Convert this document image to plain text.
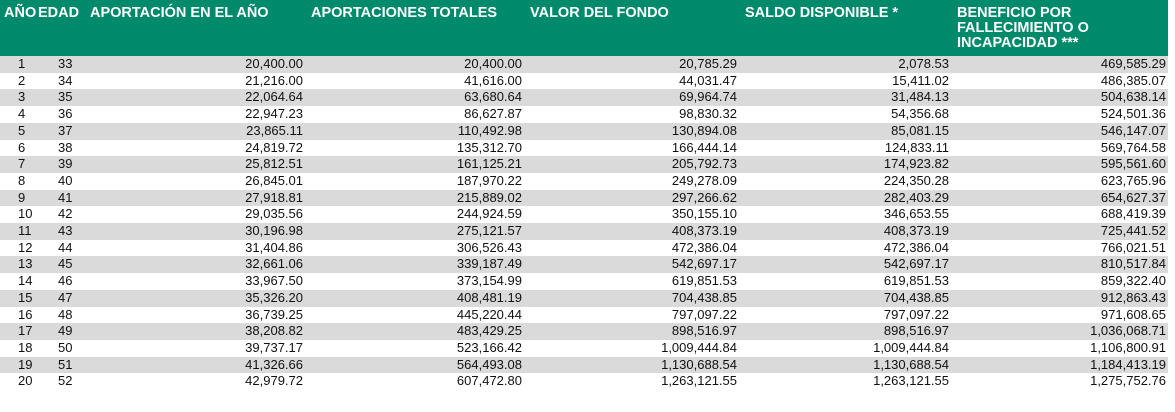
AÑO	EDAD	APORTACIÓN EN EL AÑO	APORTACIONES TOTALES	VALOR DEL FONDO	SALDO DISPONIBLE *	BENEFICIO POR FALLECIMIENTO O INCAPACIDAD ***
1	33	20,400.00	20,400.00	20,785.29	2,078.53	469,585.29
2	34	21,216.00	41,616.00	44,031.47	15,411.02	486,385.07
3	35	22,064.64	63,680.64	69,964.74	31,484.13	504,638.14
4	36	22,947.23	86,627.87	98,830.32	54,356.68	524,501.36
5	37	23,865.11	110,492.98	130,894.08	85,081.15	546,147.07
6	38	24,819.72	135,312.70	166,444.14	124,833.11	569,764.58
7	39	25,812.51	161,125.21	205,792.73	174,923.82	595,561.60
8	40	26,845.01	187,970.22	249,278.09	224,350.28	623,765.96
9	41	27,918.81	215,889.02	297,266.62	282,403.29	654,627.37
10	42	29,035.56	244,924.59	350,155.10	346,653.55	688,419.39
11	43	30,196.98	275,121.57	408,373.19	408,373.19	725,441.52
12	44	31,404.86	306,526.43	472,386.04	472,386.04	766,021.51
13	45	32,661.06	339,187.49	542,697.17	542,697.17	810,517.84
14	46	33,967.50	373,154.99	619,851.53	619,851.53	859,322.40
15	47	35,326.20	408,481.19	704,438.85	704,438.85	912,863.43
16	48	36,739.25	445,220.44	797,097.22	797,097.22	971,608.65
17	49	38,208.82	483,429.25	898,516.97	898,516.97	1,036,068.71
18	50	39,737.17	523,166.42	1,009,444.84	1,009,444.84	1,106,800.91
19	51	41,326.66	564,493.08	1,130,688.54	1,130,688.54	1,184,413.19
20	52	42,979.72	607,472.80	1,263,121.55	1,263,121.55	1,275,752.76
